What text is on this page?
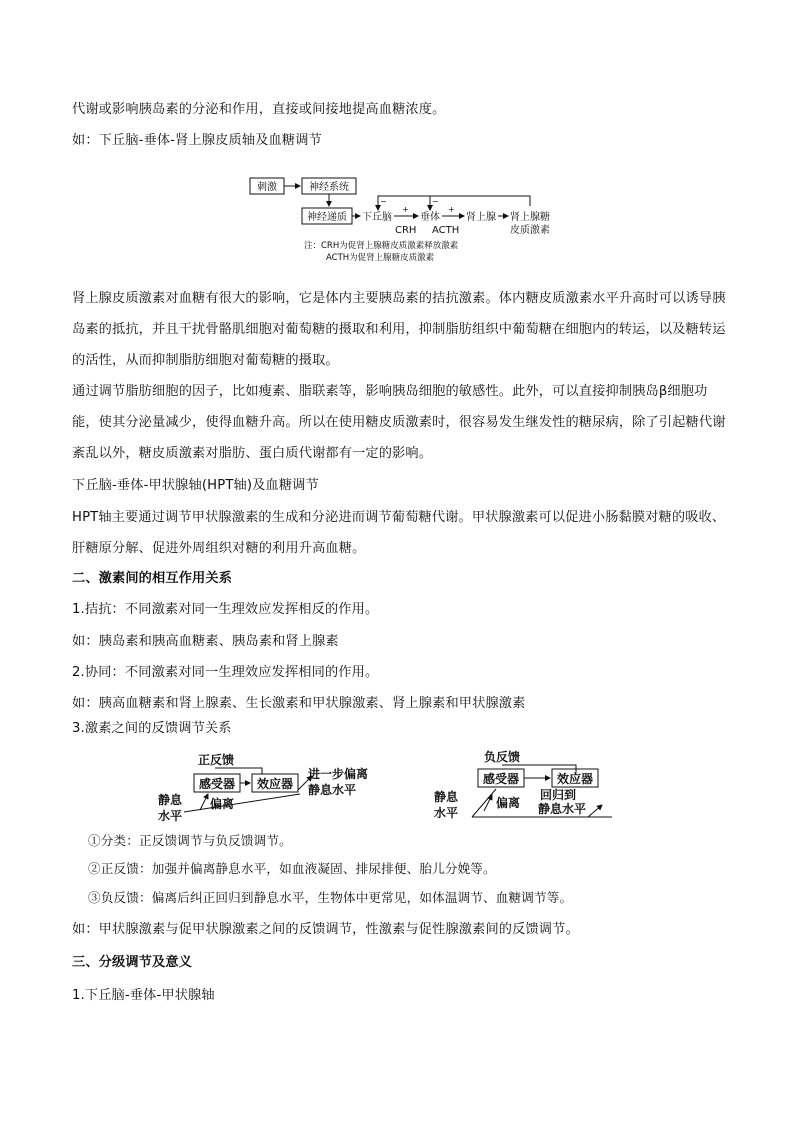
代谢或影响胰岛素的分泌和作用，直接或间接地提高血糖浓度。
如：下丘脑-垂体-肾上腺皮质轴及血糖调节
刺激	神经系统
神经递质 下丘脑
+
CRH
垂体
+
ACTH
肾上腺 肾上腺糖
皮质激素
−	−
注：CRH为促肾上腺糖皮质激素释放激素
ACTH为促肾上腺糖皮质激素
肾上腺皮质激素对血糖有很大的影响，它是体内主要胰岛素的拮抗激素。体内糖皮质激素水平升高时可以诱导胰岛素的抵抗，并且干扰骨骼肌细胞对葡萄糖的摄取和利用，抑制脂肪组织中葡萄糖在细胞内的转运，以及糖转运的活性，从而抑制脂肪细胞对葡萄糖的摄取。
通过调节脂肪细胞的因子，比如瘦素、脂联素等，影响胰岛细胞的敏感性。此外，可以直接抑制胰岛β细胞功能，使其分泌量减少，使得血糖升高。所以在使用糖皮质激素时，很容易发生继发性的糖尿病，除了引起糖代谢紊乱以外，糖皮质激素对脂肪、蛋白质代谢都有一定的影响。
下丘脑-垂体-甲状腺轴(HPT轴)及血糖调节
HPT轴主要通过调节甲状腺激素的生成和分泌进而调节葡萄糖代谢。甲状腺激素可以促进小肠黏膜对糖的吸收、肝糖原分解、促进外周组织对糖的利用升高血糖。
二、激素间的相互作用关系
1.拮抗：不同激素对同一生理效应发挥相反的作用。
如：胰岛素和胰高血糖素、胰岛素和肾上腺素
2.协同：不同激素对同一生理效应发挥相同的作用。
如：胰高血糖素和肾上腺素、生长激素和甲状腺激素、肾上腺素和甲状腺激素
3.激素之间的反馈调节关系
正反馈
感受器 效应器
进一步偏离
静息水平
偏离
静息
水平
负反馈
感受器	效应器
回归到
静息水平
偏离
静息
水平
①分类：正反馈调节与负反馈调节。
②正反馈：加强并偏离静息水平，如血液凝固、排尿排便、胎儿分娩等。
③负反馈：偏离后纠正回归到静息水平，生物体中更常见，如体温调节、血糖调节等。
如：甲状腺激素与促甲状腺激素之间的反馈调节，性激素与促性腺激素间的反馈调节。
三、分级调节及意义
1.下丘脑-垂体-甲状腺轴
